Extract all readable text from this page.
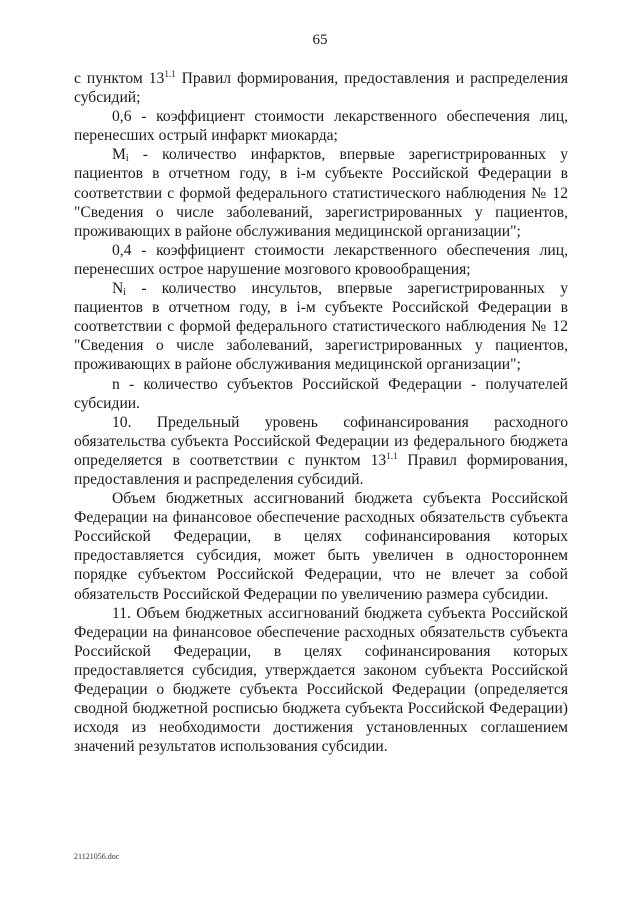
65

с пунктом $13^{1.1}$ Правил формирования, предоставления и распределения субсидий;

0,6 - коэффициент стоимости лекарственного обеспечения лиц, перенесших острый инфаркт миокарда;

$M_i$ - количество инфарктов, впервые зарегистрированных у пациентов в отчетном году, в i-м субъекте Российской Федерации в соответствии с формой федерального статистического наблюдения № 12 "Сведения о числе заболеваний, зарегистрированных у пациентов, проживающих в районе обслуживания медицинской организации";

0,4 - коэффициент стоимости лекарственного обеспечения лиц, перенесших острое нарушение мозгового кровообращения;

$N_i$ - количество инсультов, впервые зарегистрированных у пациентов в отчетном году, в i-м субъекте Российской Федерации в соответствии с формой федерального статистического наблюдения № 12 "Сведения о числе заболеваний, зарегистрированных у пациентов, проживающих в районе обслуживания медицинской организации";

n - количество субъектов Российской Федерации - получателей субсидии.

10. Предельный уровень софинансирования расходного обязательства субъекта Российской Федерации из федерального бюджета определяется в соответствии с пунктом $13^{1.1}$ Правил формирования, предоставления и распределения субсидий.

Объем бюджетных ассигнований бюджета субъекта Российской Федерации на финансовое обеспечение расходных обязательств субъекта Российской Федерации, в целях софинансирования которых предоставляется субсидия, может быть увеличен в одностороннем порядке субъектом Российской Федерации, что не влечет за собой обязательств Российской Федерации по увеличению размера субсидии.

11. Объем бюджетных ассигнований бюджета субъекта Российской Федерации на финансовое обеспечение расходных обязательств субъекта Российской Федерации, в целях софинансирования которых предоставляется субсидия, утверждается законом субъекта Российской Федерации о бюджете субъекта Российской Федерации (определяется сводной бюджетной росписью бюджета субъекта Российской Федерации) исходя из необходимости достижения установленных соглашением значений результатов использования субсидии.

21121056.doc
